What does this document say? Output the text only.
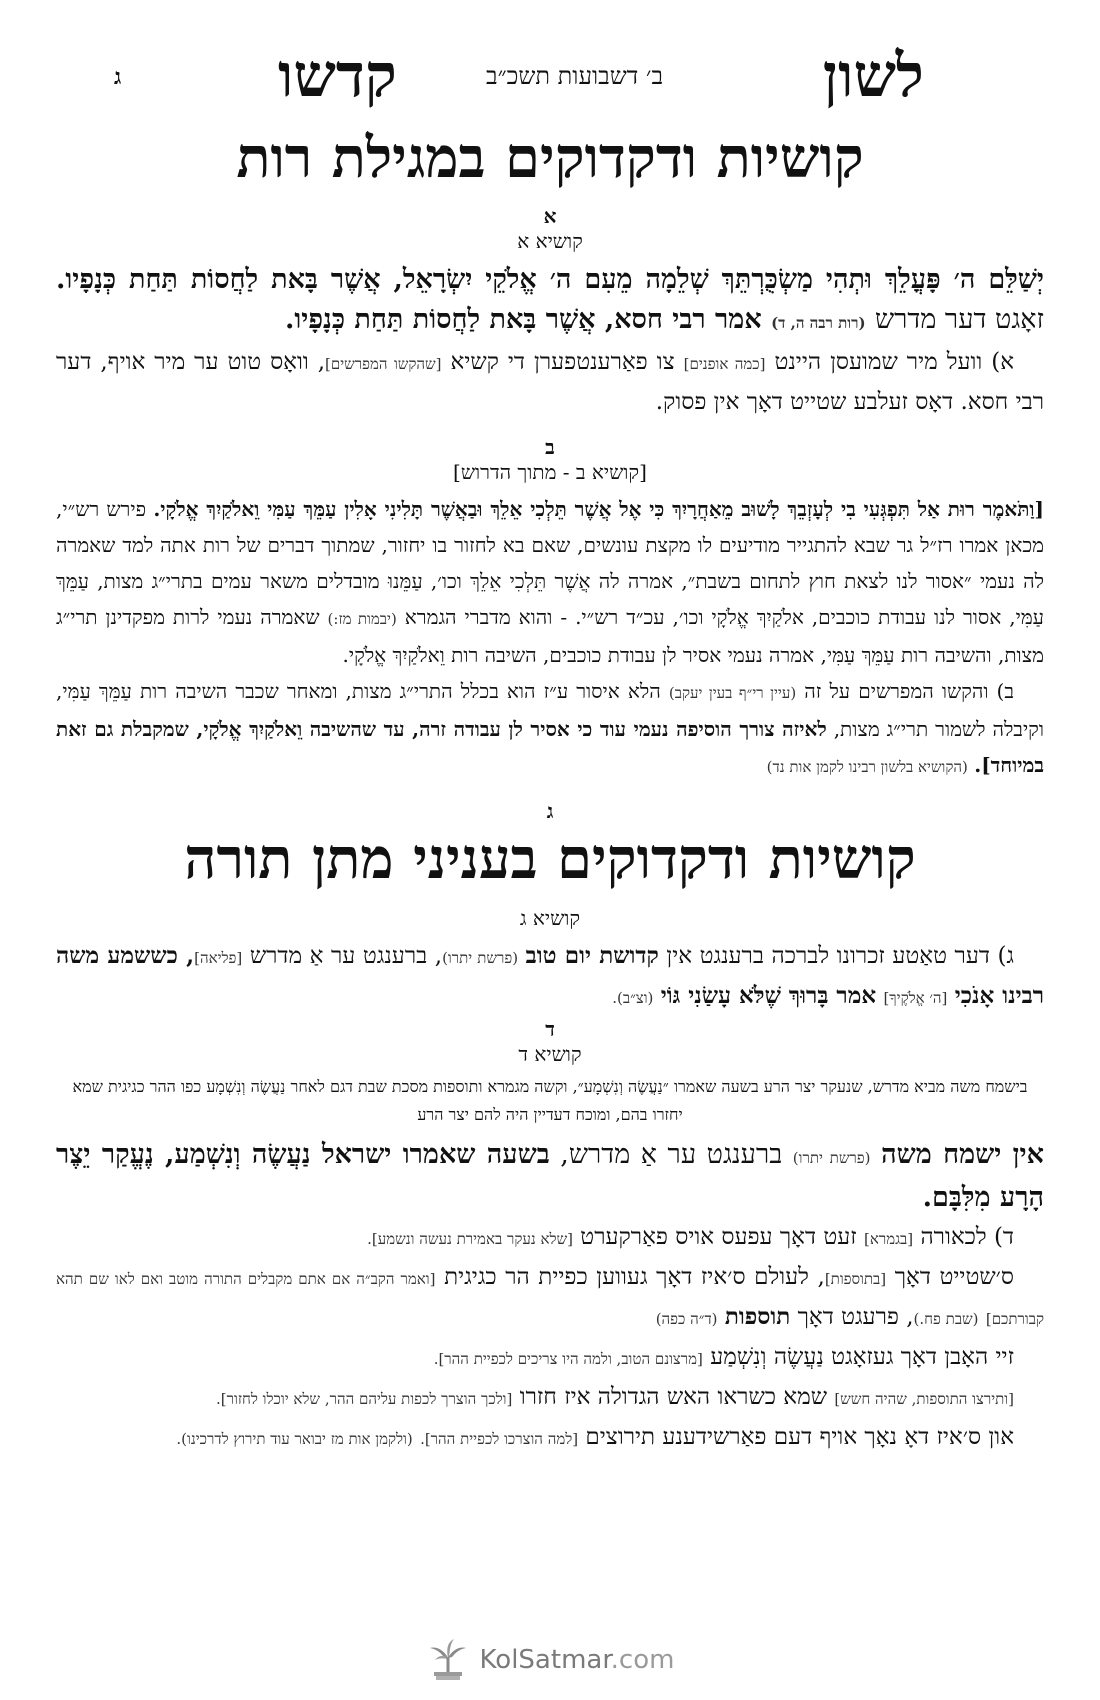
לשון
קדשו	ב׳ דשבועות תשכ״ב
ג
קושיות ודקדוקים במגילת רות
א
קושיא א
יְשַׁלֵּם ה׳ פָּעֳלֵךְ וּתְהִי מַשְׂכֻּרְתֵּךְ שְׁלֵמָה מֵעִם ה׳ אֱלֹקֵי יִשְׂרָאֵל, אֲשֶׁר בָּאת לַחֲסוֹת תַּחַת כְּנָפָיו. זאָגט דער מדרש (רות רבה ה, ד) אמר רבי חסא, אֲשֶׁר בָּאת לַחֲסוֹת תַּחַת כְּנָפָיו.
א) וועל מיר שמועסן היינט [כמה אופנים] צו פאַרענטפערן די קשיא [שהקשו המפרשים], וואָס טוט ער מיר אויף, דער רבי חסא. דאָס זעלבע שטייט דאָך אין פסוק.
ב
[קושיא ב - מתוך הדרוש]
[וַתֹּאמֶר רוּת אַל תִּפְגְּעִי בִי לְעָזְבֵךְ לָשׁוּב מֵאַחֲרָיִךְ כִּי אֶל אֲשֶׁר תֵּלְכִי אֵלֵךְ וּבַאֲשֶׁר תָּלִינִי אָלִין עַמֵּךְ עַמִּי וֵאלֹקַיִךְ אֱלֹקָי. פירש רש״י, מכאן אמרו רז״ל גר שבא להתגייר מודיעים לו מקצת עונשים, שאם בא לחזור בו יחזור, שמתוך דברים של רות אתה למד שאמרה לה נעמי ״אסור לנו לצאת חוץ לתחום בשבת״, אמרה לה אֲשֶׁר תֵּלְכִי אֵלֵךְ וכו׳, עַמֵּנוּ מובדלים משאר עמים בתרי״ג מצות, עַמֵּךְ עַמִּי, אסור לנו עבודת כוכבים, אלֹקַיִךְ אֱלֹקָי וכו׳, עכ״ד רש״י. - והוא מדברי הגמרא (יבמות מז:) שאמרה נעמי לרות מפקדינן תרי״ג מצות, והשיבה רות עַמֵּךְ עַמִּי, אמרה נעמי אסיר לן עבודת כוכבים, השיבה רות וֵאלֹקַיִךְ אֱלֹקָי.
ב) והקשו המפרשים על זה (עיין רי״ף בעין יעקב) הלא איסור ע״ז הוא בכלל התרי״ג מצות, ומאחר שכבר השיבה רות עַמֵּךְ עַמִּי, וקיבלה לשמור תרי״ג מצות, לאיזה צורך הוסיפה נעמי עוד כי אסיר לן עבודה זרה, עד שהשיבה וֵאלֹקַיִךְ אֱלֹקָי, שמקבלת גם זאת במיוחד]. (הקושיא בלשון רבינו לקמן אות נד)
ג
קושיות ודקדוקים בעניני מתן תורה
קושיא ג
ג) דער טאַטע זכרונו לברכה ברענגט אין קדושת יום טוב (פרשת יתרו), ברענגט ער אַ מדרש [פליאה], כששמע משה רבינו אָנֹכִי [ה׳ אֱלֹקֶיךָ] אמר בָּרוּךְ שֶׁלֹּא עָשַׂנִי גּוֹי (וצ״ב).
ד
קושיא ד
בישמח משה מביא מדרש, שנעקר יצר הרע בשעה שאמרו ״נַעֲשֶׂה וְנִשְׁמָע״, וקשה מגמרא ותוספות מסכת שבת דגם לאחר נַעֲשֶׂה וְנִשְׁמָע כפו ההר כגיגית שמא יחזרו בהם, ומוכח דעדיין היה להם יצר הרע
אין ישמח משה (פרשת יתרו) ברענגט ער אַ מדרש, בשעה שאמרו ישראל נַעֲשֶׂה וְנִשְׁמַע, נֶעֱקַר יֵצֶר הָרָע מִלִּבָּם.
ד) לכאורה [בגמרא] זעט דאָך עפעס אויס פאַרקערט [שלא נעקר באמירת נעשה ונשמע].
ס׳שטייט דאָך [בתוספות], לעולם ס׳איז דאָך געווען כפיית הר כגיגית [ואמר הקב״ה אם אתם מקבלים התורה מוטב ואם לאו שם תהא קבורתכם] (שבת פח.), פרעגט דאָך תוספות (ד״ה כפה)
זיי האָבן דאָך געזאָגט נַעֲשֶׂה וְנִשְׁמַע [מרצונם הטוב, ולמה היו צריכים לכפיית ההר].
[ותירצו התוספות, שהיה חשש] שמא כשראו האש הגדולה איז חזרו [ולכך הוצרך לכפות עליהם ההר, שלא יוכלו לחזור].
און ס׳איז דאָ נאָך אויף דעם פאַרשידענע תירוצים [למה הוצרכו לכפיית ההר]. (ולקמן אות מז יבואר עוד תירוץ לדרכינו).
KolSatmar.com
